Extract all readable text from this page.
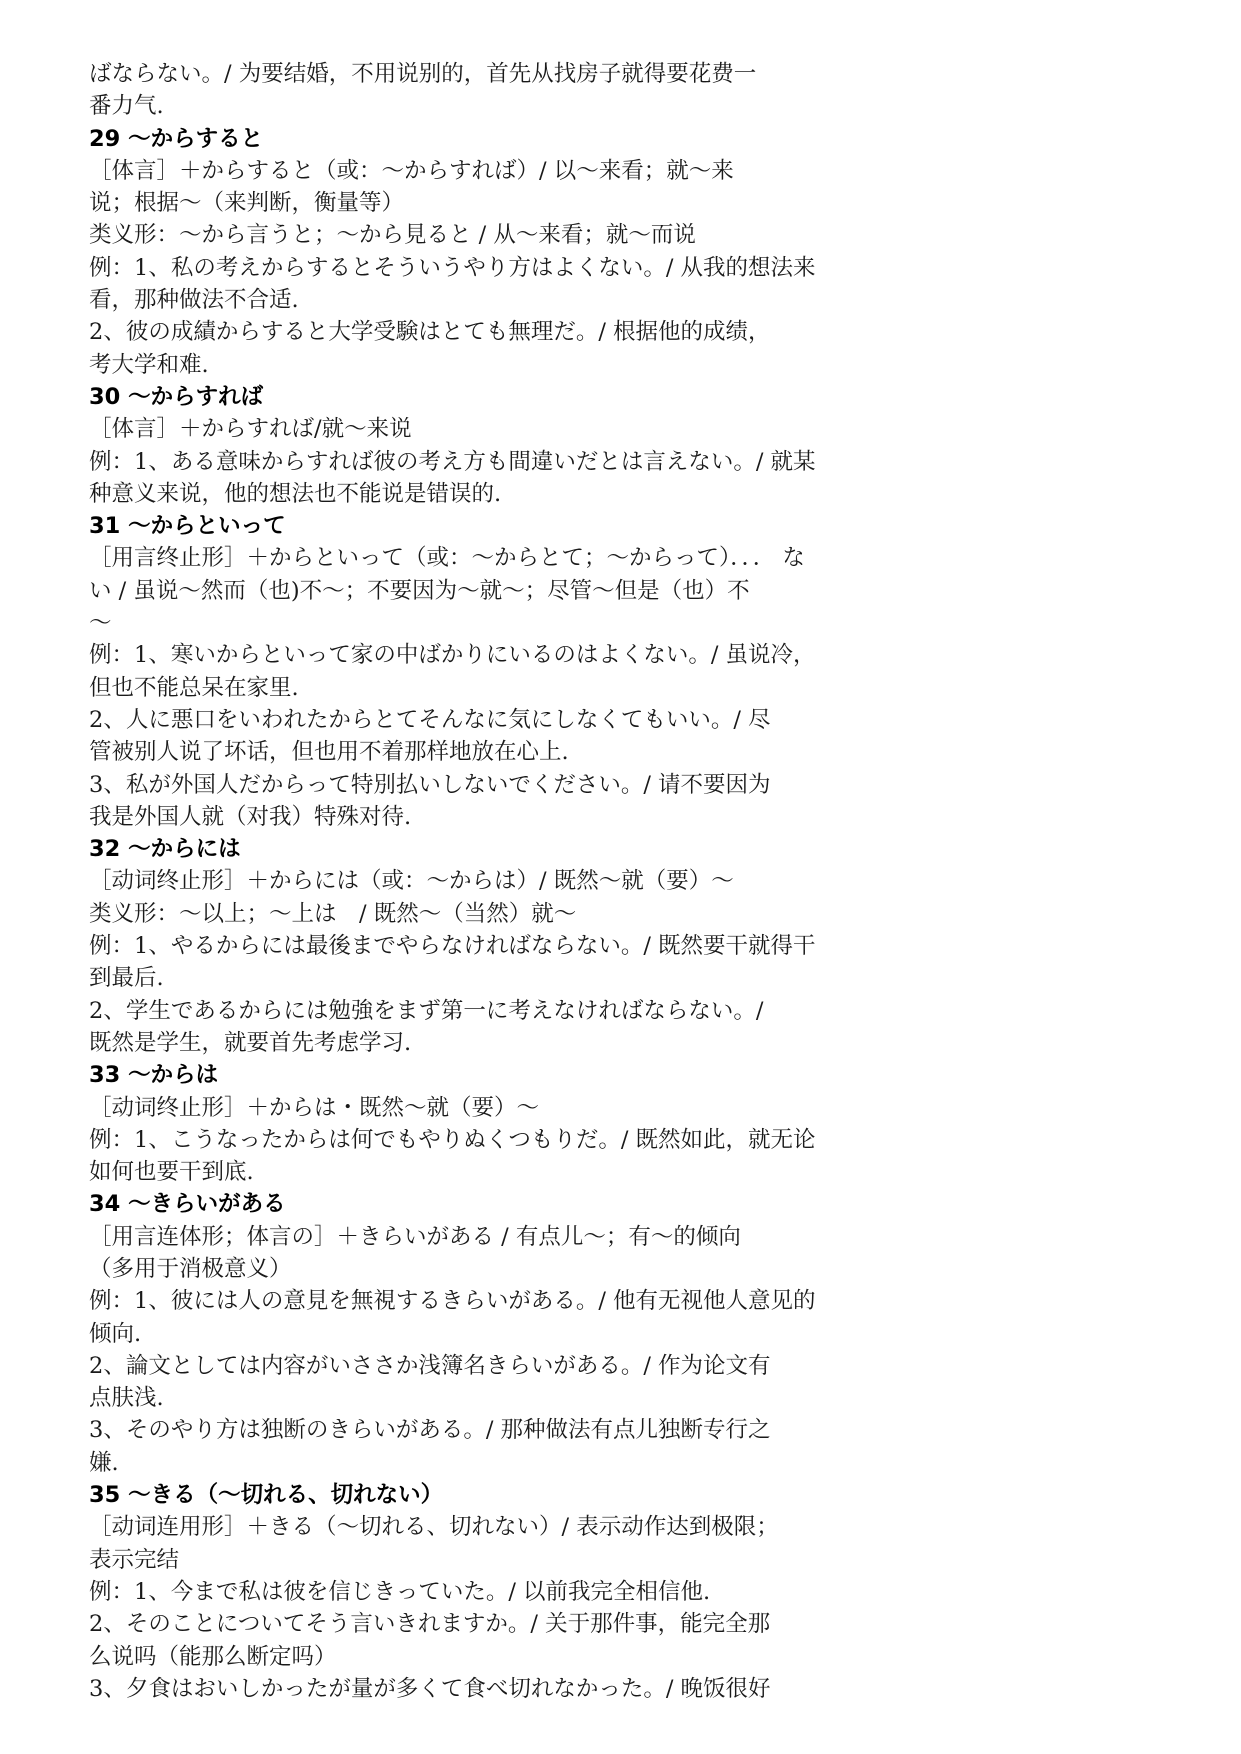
ばならない。/ 为要结婚，不用说别的，首先从找房子就得要花费一
番力气.
29 ～からすると
［体言］＋からすると（或：～からすれば）/ 以～来看；就～来
说；根据～（来判断，衡量等）
类义形：～から言うと；～から見ると / 从～来看；就～而说
例：1、私の考えからするとそういうやり方はよくない。/ 从我的想法来
看，那种做法不合适.
2、彼の成績からすると大学受験はとても無理だ。/ 根据他的成绩，
考大学和难.
30 ～からすれば
［体言］＋からすれば/就～来说
例：1、ある意味からすれば彼の考え方も間違いだとは言えない。/ 就某
种意义来说，他的想法也不能说是错误的.
31 ～からといって
［用言终止形］＋からといって（或：～からとて；～からって）．．． な
い / 虽说～然而（也)不～；不要因为～就～；尽管～但是（也）不
～
例：1、寒いからといって家の中ばかりにいるのはよくない。/ 虽说冷，
但也不能总呆在家里.
2、人に悪口をいわれたからとてそんなに気にしなくてもいい。/ 尽
管被别人说了坏话，但也用不着那样地放在心上.
3、私が外国人だからって特別払いしないでください。/ 请不要因为
我是外国人就（对我）特殊对待.
32 ～からには
［动词终止形］＋からには（或：～からは）/ 既然～就（要）～
类义形：～以上；～上は　/ 既然～（当然）就～
例：1、やるからには最後までやらなければならない。/ 既然要干就得干
到最后.
2、学生であるからには勉強をまず第一に考えなければならない。/
既然是学生，就要首先考虑学习.
33 ～からは
［动词终止形］＋からは・既然～就（要）～
例：1、こうなったからは何でもやりぬくつもりだ。/ 既然如此，就无论
如何也要干到底.
34 ～きらいがある
［用言连体形；体言の］＋きらいがある / 有点儿～；有～的倾向
（多用于消极意义）
例：1、彼には人の意見を無視するきらいがある。/ 他有无视他人意见的
倾向.
2、論文としては内容がいささか浅簿名きらいがある。/ 作为论文有
点肤浅.
3、そのやり方は独断のきらいがある。/ 那种做法有点儿独断专行之
嫌.
35 ～きる（～切れる、切れない）
［动词连用形］＋きる（～切れる、切れない）/ 表示动作达到极限；
表示完结
例：1、今まで私は彼を信じきっていた。/ 以前我完全相信他.
2、そのことについてそう言いきれますか。/ 关于那件事，能完全那
么说吗（能那么断定吗）
3、夕食はおいしかったが量が多くて食べ切れなかった。/ 晚饭很好
